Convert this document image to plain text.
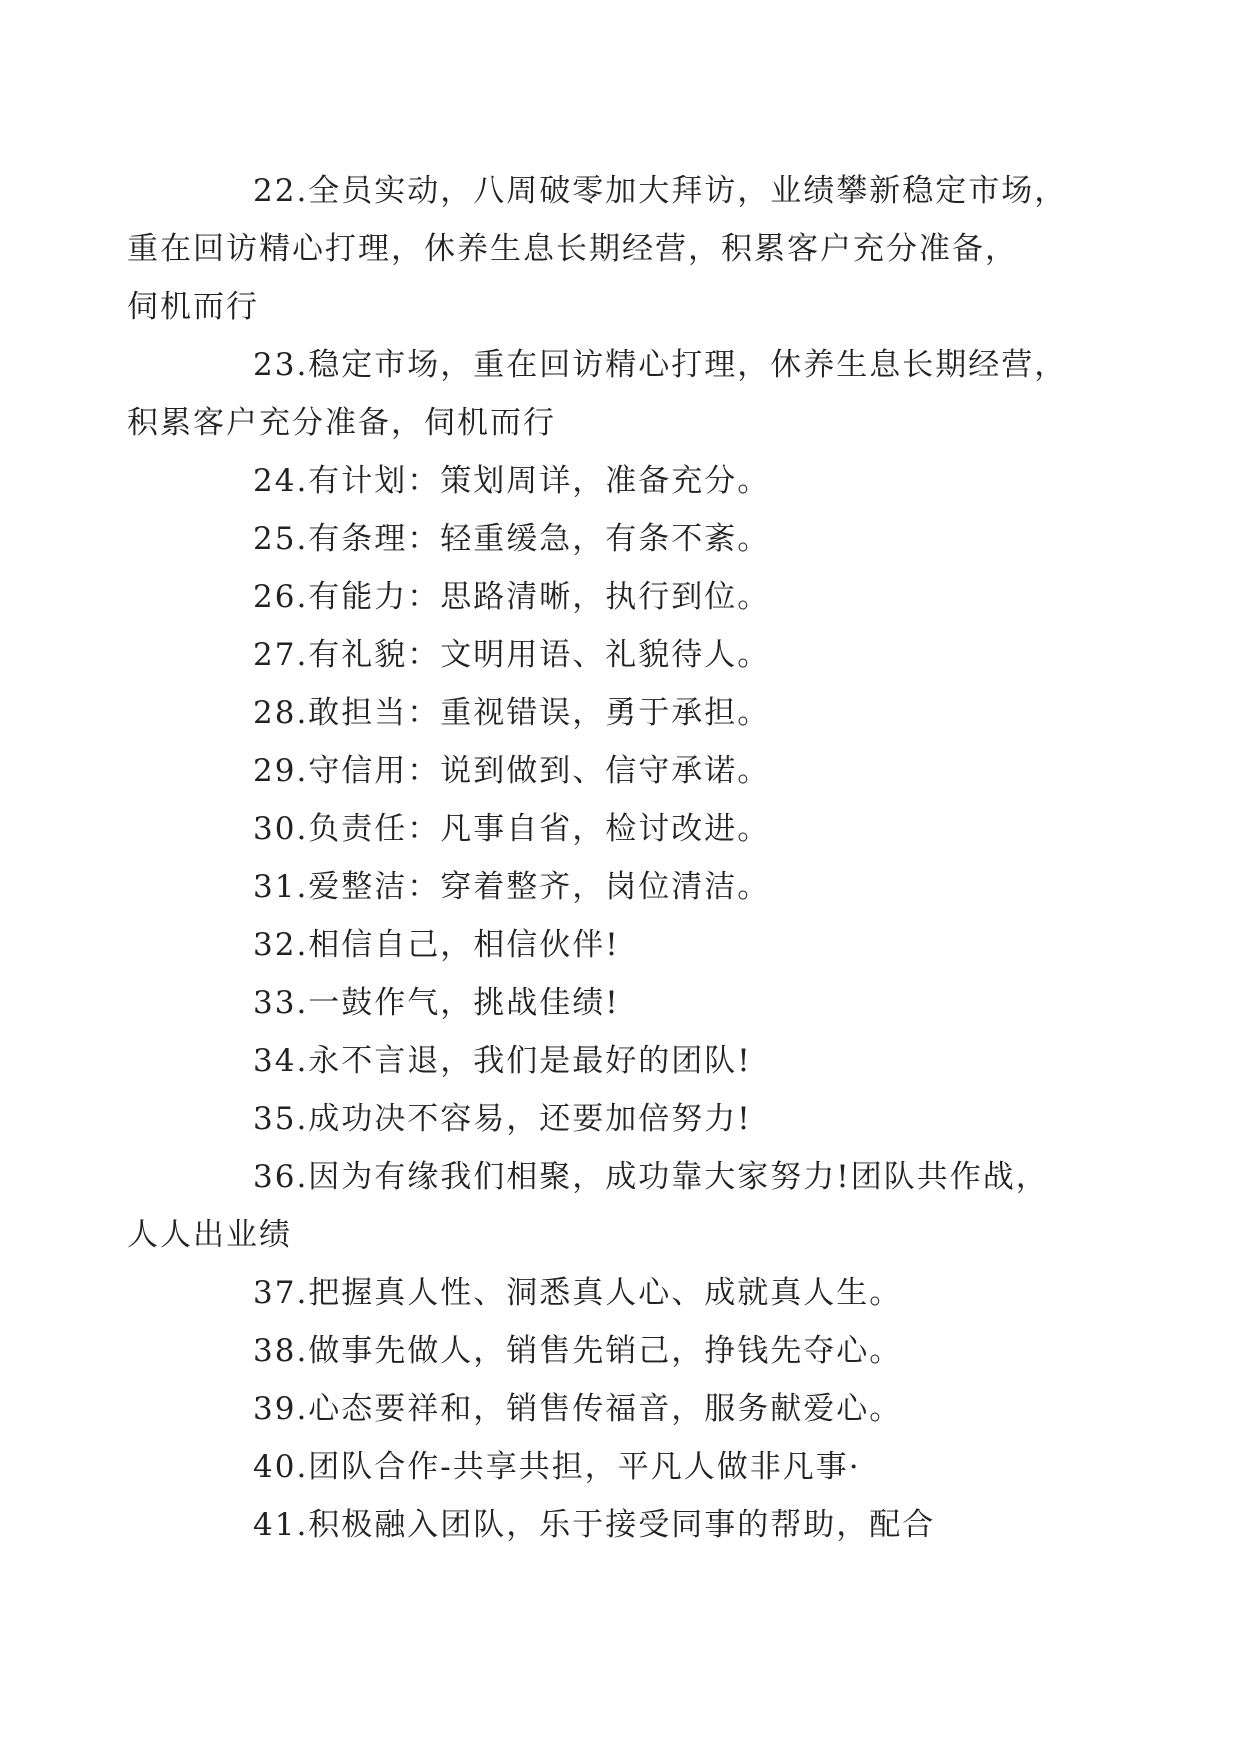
22.全员实动，八周破零加大拜访，业绩攀新稳定市场，
重在回访精心打理，休养生息长期经营，积累客户充分准备，
伺机而行

23.稳定市场，重在回访精心打理，休养生息长期经营，
积累客户充分准备，伺机而行

24.有计划：策划周详，准备充分。

25.有条理：轻重缓急，有条不紊。

26.有能力：思路清晰，执行到位。

27.有礼貌：文明用语、礼貌待人。

28.敢担当：重视错误，勇于承担。

29.守信用：说到做到、信守承诺。

30.负责任：凡事自省，检讨改进。

31.爱整洁：穿着整齐，岗位清洁。

32.相信自己，相信伙伴!

33.一鼓作气，挑战佳绩!

34.永不言退，我们是最好的团队!

35.成功决不容易，还要加倍努力!

36.因为有缘我们相聚，成功靠大家努力!团队共作战，
人人出业绩

37.把握真人性、洞悉真人心、成就真人生。

38.做事先做人，销售先销己，挣钱先夺心。

39.心态要祥和，销售传福音，服务献爱心。

40.团队合作-共享共担，平凡人做非凡事·

41.积极融入团队，乐于接受同事的帮助，配合
